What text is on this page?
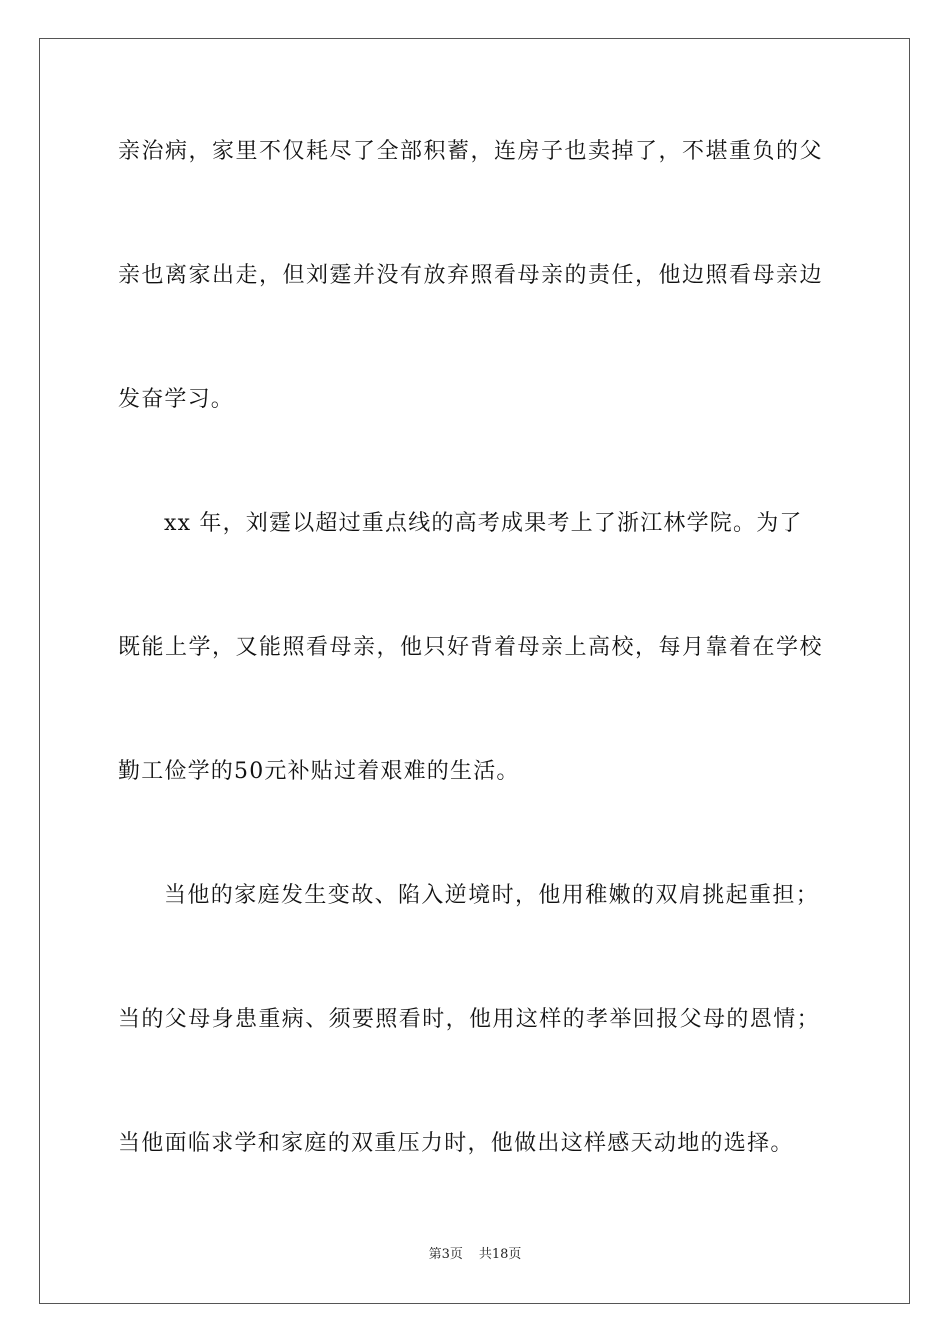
亲治病，家里不仅耗尽了全部积蓄，连房子也卖掉了，不堪重负的父
亲也离家出走，但刘霆并没有放弃照看母亲的责任，他边照看母亲边
发奋学习。
xx 年，刘霆以超过重点线的高考成果考上了浙江林学院。为了
既能上学，又能照看母亲，他只好背着母亲上高校，每月靠着在学校
勤工俭学的50元补贴过着艰难的生活。
当他的家庭发生变故、陷入逆境时，他用稚嫩的双肩挑起重担；
当的父母身患重病、须要照看时，他用这样的孝举回报父母的恩情；
当他面临求学和家庭的双重压力时，他做出这样感天动地的选择。
第3页 共18页
